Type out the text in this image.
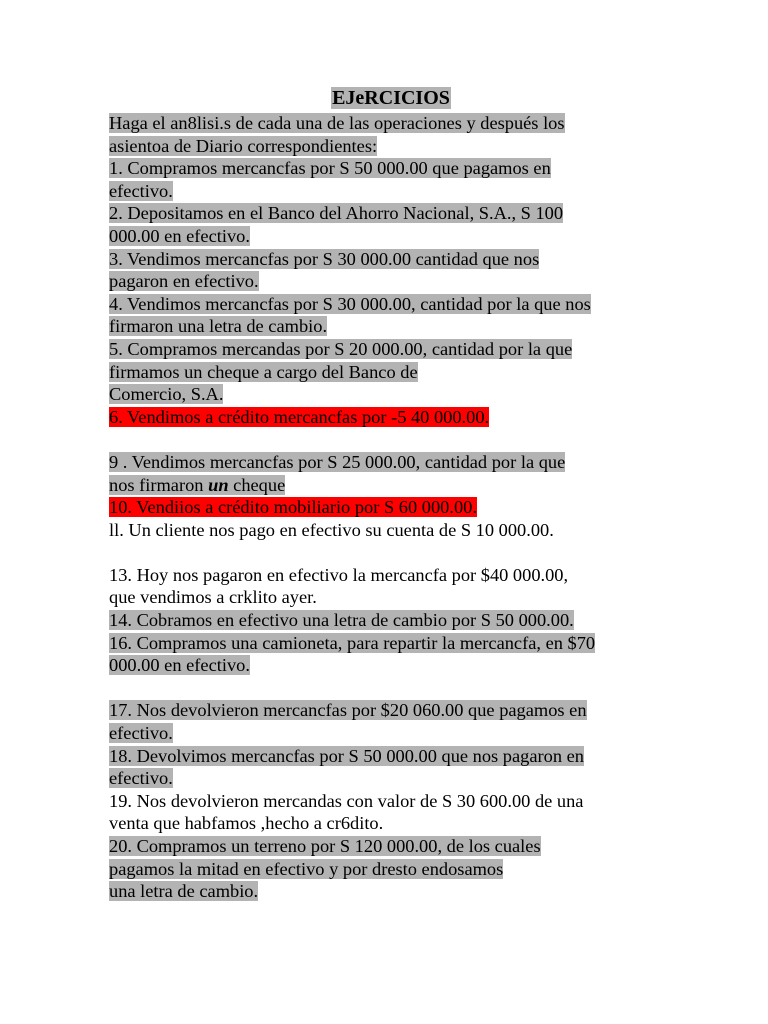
EJeRCICIOS
Haga el an8lisi.s de cada una de las operaciones y después los
asientoa de Diario correspondientes:
1. Compramos mercancfas por S 50 000.00 que pagamos en
efectivo.
2. Depositamos en el Banco del Ahorro Nacional, S.A., S 100
000.00 en efectivo.
3. Vendimos mercancfas por S 30 000.00 cantidad que nos
pagaron en efectivo.
4. Vendimos mercancfas por S 30 000.00, cantidad por la que nos
firmaron una letra de cambio.
5. Compramos mercandas por S 20 000.00, cantidad por la que
firmamos un cheque a cargo del Banco de
Comercio, S.A.
6. Vendimos a crédito mercancfas por -5 40 000.00.
9 . Vendimos mercancfas por S 25 000.00, cantidad por la que
nos firmaron un cheque
10. Vendiios a crédito mobiliario por S 60 000.00.
ll. Un cliente nos pago en efectivo su cuenta de S 10 000.00.
13. Hoy nos pagaron en efectivo la mercancfa por $40 000.00,
que vendimos a crklito ayer.
14. Cobramos en efectivo una letra de cambio por S 50 000.00.
16. Compramos una camioneta, para repartir la mercancfa, en $70
000.00 en efectivo.
17. Nos devolvieron mercancfas por $20 060.00 que pagamos en
efectivo.
18. Devolvimos mercancfas por S 50 000.00 que nos pagaron en
efectivo.
19. Nos devolvieron mercandas con valor de S 30 600.00 de una
venta que habfamos ,hecho a cr6dito.
20. Compramos un terreno por S 120 000.00, de los cuales
pagamos la mitad en efectivo y por dresto endosamos
una letra de cambio.
